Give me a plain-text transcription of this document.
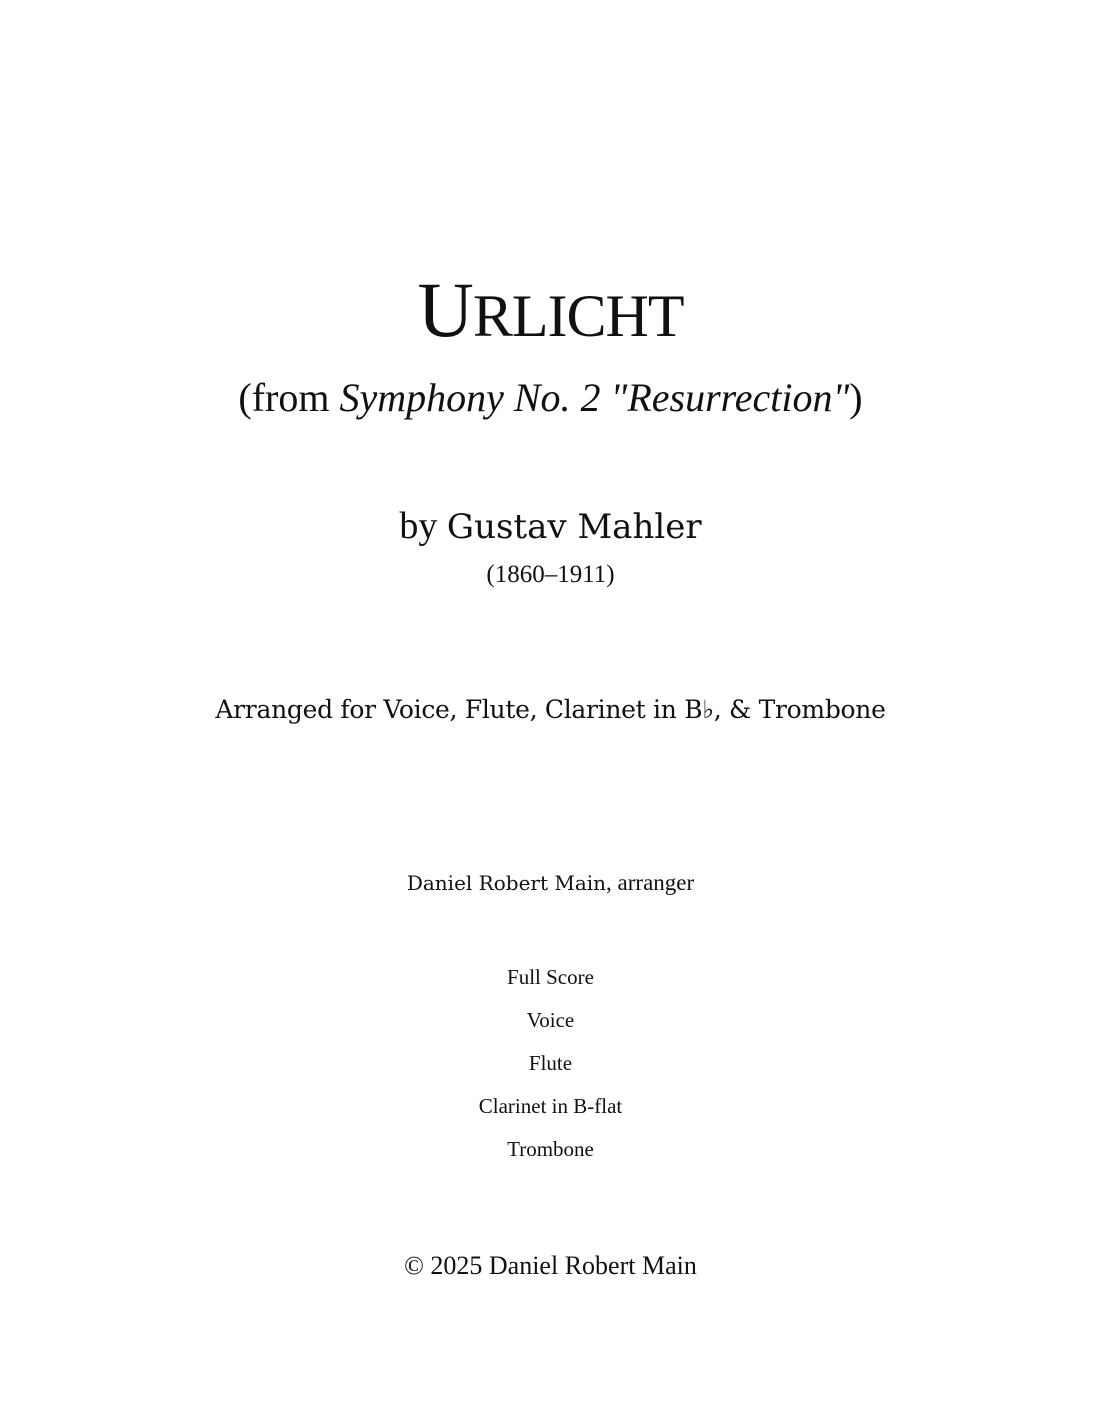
URLICHT
(from Symphony No. 2 "Resurrection")
by Gustav Mahler
(1860–1911)
Arranged for Voice, Flute, Clarinet in B♭, & Trombone
Daniel Robert Main, arranger
Full Score
Voice
Flute
Clarinet in B-flat
Trombone
© 2025 Daniel Robert Main
